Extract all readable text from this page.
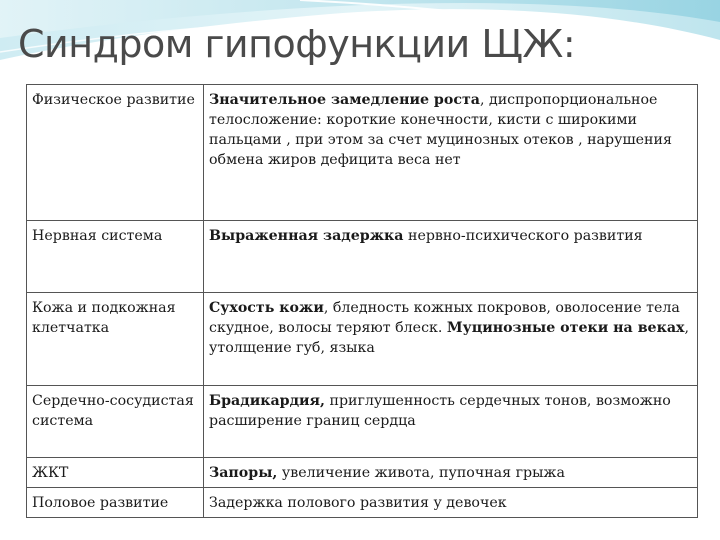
Синдром гипофункции ЩЖ:
Физическое развитие	Значительное замедление роста, диспропорциональное телосложение: короткие конечности, кисти с широкими пальцами , при этом за счет муцинозных отеков , нарушения обмена жиров дефицита веса нет
Нервная система	Выраженная задержка нервно-психического развития
Кожа и подкожная клетчатка	Сухость кожи, бледность кожных покровов, оволосение тела скудное, волосы теряют блеск. Муцинозные отеки на веках, утолщение губ, языка
Сердечно-сосудистая система	Брадикардия, приглушенность сердечных тонов, возможно расширение границ сердца
ЖКТ	Запоры, увеличение живота, пупочная грыжа
Половое развитие	Задержка полового развития у девочек
